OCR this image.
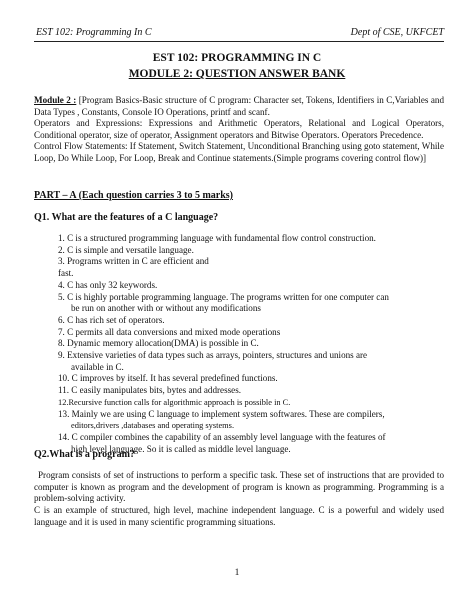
EST 102: Programming In C	Dept of CSE, UKFCET
EST 102: PROGRAMMING IN C
MODULE 2: QUESTION ANSWER BANK

Module 2 : [Program Basics-Basic structure of C program: Character set, Tokens, Identifiers in C,Variables and Data Types , Constants, Console IO Operations, printf and scanf.

Operators and Expressions: Expressions and Arithmetic Operators, Relational and Logical Operators, Conditional operator, size of operator, Assignment operators and Bitwise Operators. Operators Precedence.

Control Flow Statements: If Statement, Switch Statement, Unconditional Branching using goto statement, While Loop, Do While Loop, For Loop, Break and Continue statements.(Simple programs covering control flow)]

PART – A (Each question carries 3 to 5 marks)
Q1. What are the features of a C language?
1. C is a structured programming language with fundamental flow control construction.
2. C is simple and versatile language.
3. Programs written in C are efficient and
fast.
4. C has only 32 keywords.
5. C is highly portable programming language. The programs written for one computer can
be run on another with or without any modifications
6. C has rich set of operators.
7. C permits all data conversions and mixed mode operations
8. Dynamic memory allocation(DMA) is possible in C.
9. Extensive varieties of data types such as arrays, pointers, structures and unions are
available in C.
10. C improves by itself. It has several predefined functions.
11. C easily manipulates bits, bytes and addresses.
12.Recursive function calls for algorithmic approach is possible in C.
13. Mainly we are using C language to implement system softwares. These are compilers,
editors,drivers ,databases and operating systems.
14. C compiler combines the capability of an assembly level language with the features of
high level language. So it is called as middle level language.
Q2.What is a program?

Program consists of set of instructions to perform a specific task. These set of instructions that are provided to computer is known as program and the development of program is known as programming. Programming is a problem-solving activity.

C is an example of structured, high level, machine independent language. C is a powerful and widely used language and it is used in many scientific programming situations.

1
